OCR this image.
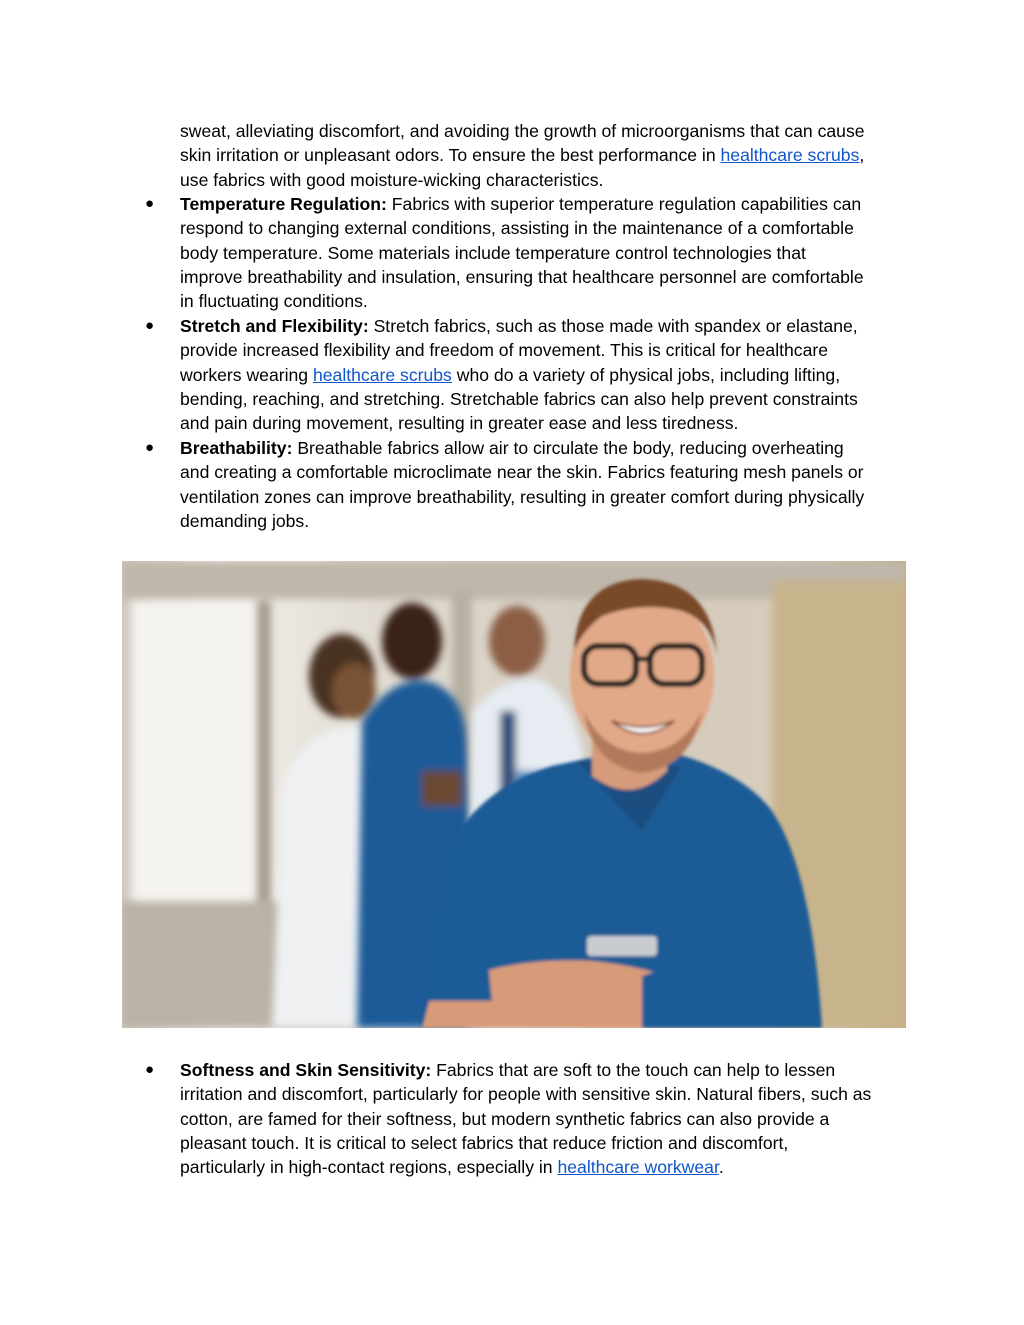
sweat, alleviating discomfort, and avoiding the growth of microorganisms that can cause
skin irritation or unpleasant odors. To ensure the best performance in healthcare scrubs,
use fabrics with good moisture-wicking characteristics.
●	Temperature Regulation: Fabrics with superior temperature regulation capabilities can
respond to changing external conditions, assisting in the maintenance of a comfortable
body temperature. Some materials include temperature control technologies that
improve breathability and insulation, ensuring that healthcare personnel are comfortable
in fluctuating conditions.
●	Stretch and Flexibility: Stretch fabrics, such as those made with spandex or elastane,
provide increased flexibility and freedom of movement. This is critical for healthcare
workers wearing healthcare scrubs who do a variety of physical jobs, including lifting,
bending, reaching, and stretching. Stretchable fabrics can also help prevent constraints
and pain during movement, resulting in greater ease and less tiredness.
●	Breathability: Breathable fabrics allow air to circulate the body, reducing overheating
and creating a comfortable microclimate near the skin. Fabrics featuring mesh panels or
ventilation zones can improve breathability, resulting in greater comfort during physically
demanding jobs.
●	Softness and Skin Sensitivity: Fabrics that are soft to the touch can help to lessen
irritation and discomfort, particularly for people with sensitive skin. Natural fibers, such as
cotton, are famed for their softness, but modern synthetic fabrics can also provide a
pleasant touch. It is critical to select fabrics that reduce friction and discomfort,
particularly in high-contact regions, especially in healthcare workwear.
